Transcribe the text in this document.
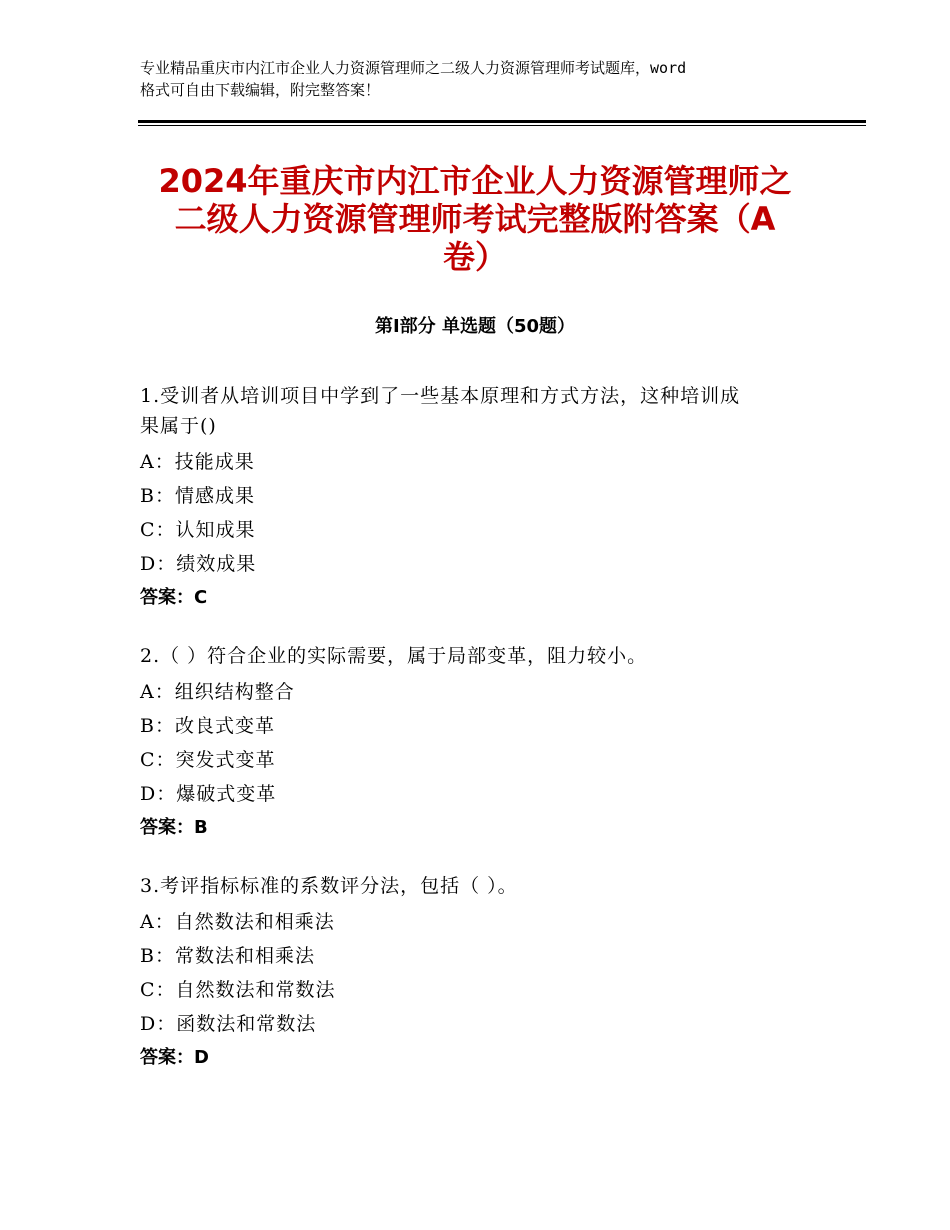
专业精品重庆市内江市企业人力资源管理师之二级人力资源管理师考试题库，word
格式可自由下载编辑，附完整答案！
2024年重庆市内江市企业人力资源管理师之
二级人力资源管理师考试完整版附答案（A
卷）
第Ⅰ部分 单选题（50题）
1.受训者从培训项目中学到了一些基本原理和方式方法，这种培训成
果属于()
A：技能成果
B：情感成果
C：认知成果
D：绩效成果
答案：C
2.（ ）符合企业的实际需要，属于局部变革，阻力较小。
A：组织结构整合
B：改良式变革
C：突发式变革
D：爆破式变革
答案：B
3.考评指标标准的系数评分法，包括（ ）。
A：自然数法和相乘法
B：常数法和相乘法
C：自然数法和常数法
D：函数法和常数法
答案：D
